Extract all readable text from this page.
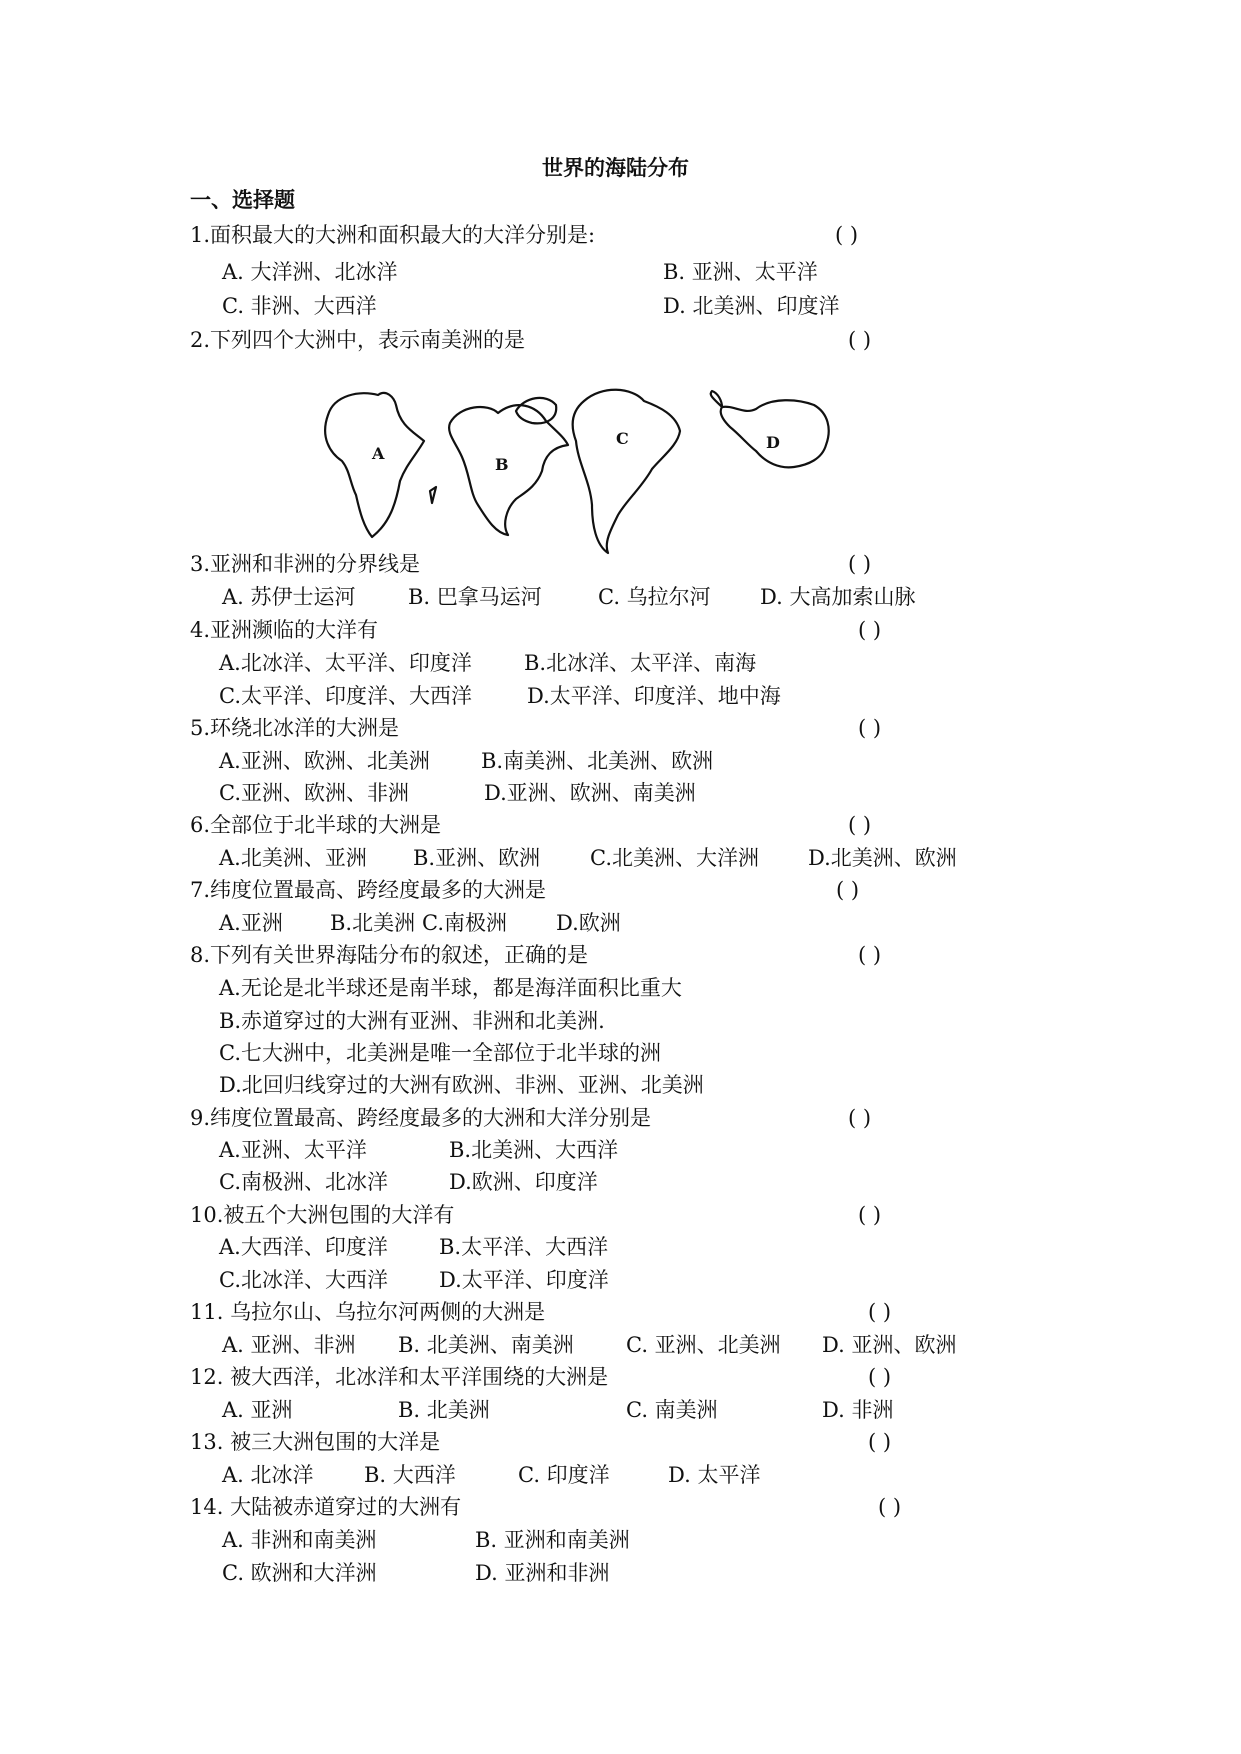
世界的海陆分布
一、选择题
1.面积最大的大洲和面积最大的大洋分别是:	( )
A. 大洋洲、北冰洋	B. 亚洲、太平洋
C. 非洲、大西洋	D. 北美洲、印度洋
2.下列四个大洲中，表示南美洲的是	( )
A
B
C	D
3.亚洲和非洲的分界线是	( )
A. 苏伊士运河 B. 巴拿马运河	C. 乌拉尔河 D. 大高加索山脉
4.亚洲濒临的大洋有	( )
A.北冰洋、太平洋、印度洋 B.北冰洋、太平洋、南海
C.太平洋、印度洋、大西洋	D.太平洋、印度洋、地中海
5.环绕北冰洋的大洲是	( )
A.亚洲、欧洲、北美洲 B.南美洲、北美洲、欧洲
C.亚洲、欧洲、非洲	D.亚洲、欧洲、南美洲
6.全部位于北半球的大洲是	( )
A.北美洲、亚洲 B.亚洲、欧洲 C.北美洲、大洋洲 D.北美洲、欧洲
7.纬度位置最高、跨经度最多的大洲是	( )
A.亚洲 B.北美洲 C.南极洲 D.欧洲
8.下列有关世界海陆分布的叙述，正确的是	( )
A.无论是北半球还是南半球，都是海洋面积比重大
B.赤道穿过的大洲有亚洲、非洲和北美洲.
C.七大洲中，北美洲是唯一全部位于北半球的洲
D.北回归线穿过的大洲有欧洲、非洲、亚洲、北美洲
9.纬度位置最高、跨经度最多的大洲和大洋分别是	( )
A.亚洲、太平洋	B.北美洲、大西洋
C.南极洲、北冰洋	D.欧洲、印度洋
10.被五个大洲包围的大洋有	( )
A.大西洋、印度洋 B.太平洋、大西洋
C.北冰洋、大西洋 D.太平洋、印度洋
11. 乌拉尔山、乌拉尔河两侧的大洲是	( )
A. 亚洲、非洲 B. 北美洲、南美洲 C. 亚洲、北美洲 D. 亚洲、欧洲
12. 被大西洋，北冰洋和太平洋围绕的大洲是	( )
A. 亚洲	B. 北美洲	C. 南美洲	D. 非洲
13. 被三大洲包围的大洋是	( )
A. 北冰洋 B. 大西洋	C. 印度洋	D. 太平洋
14. 大陆被赤道穿过的大洲有	( )
A. 非洲和南美洲	B. 亚洲和南美洲
C. 欧洲和大洋洲	D. 亚洲和非洲
